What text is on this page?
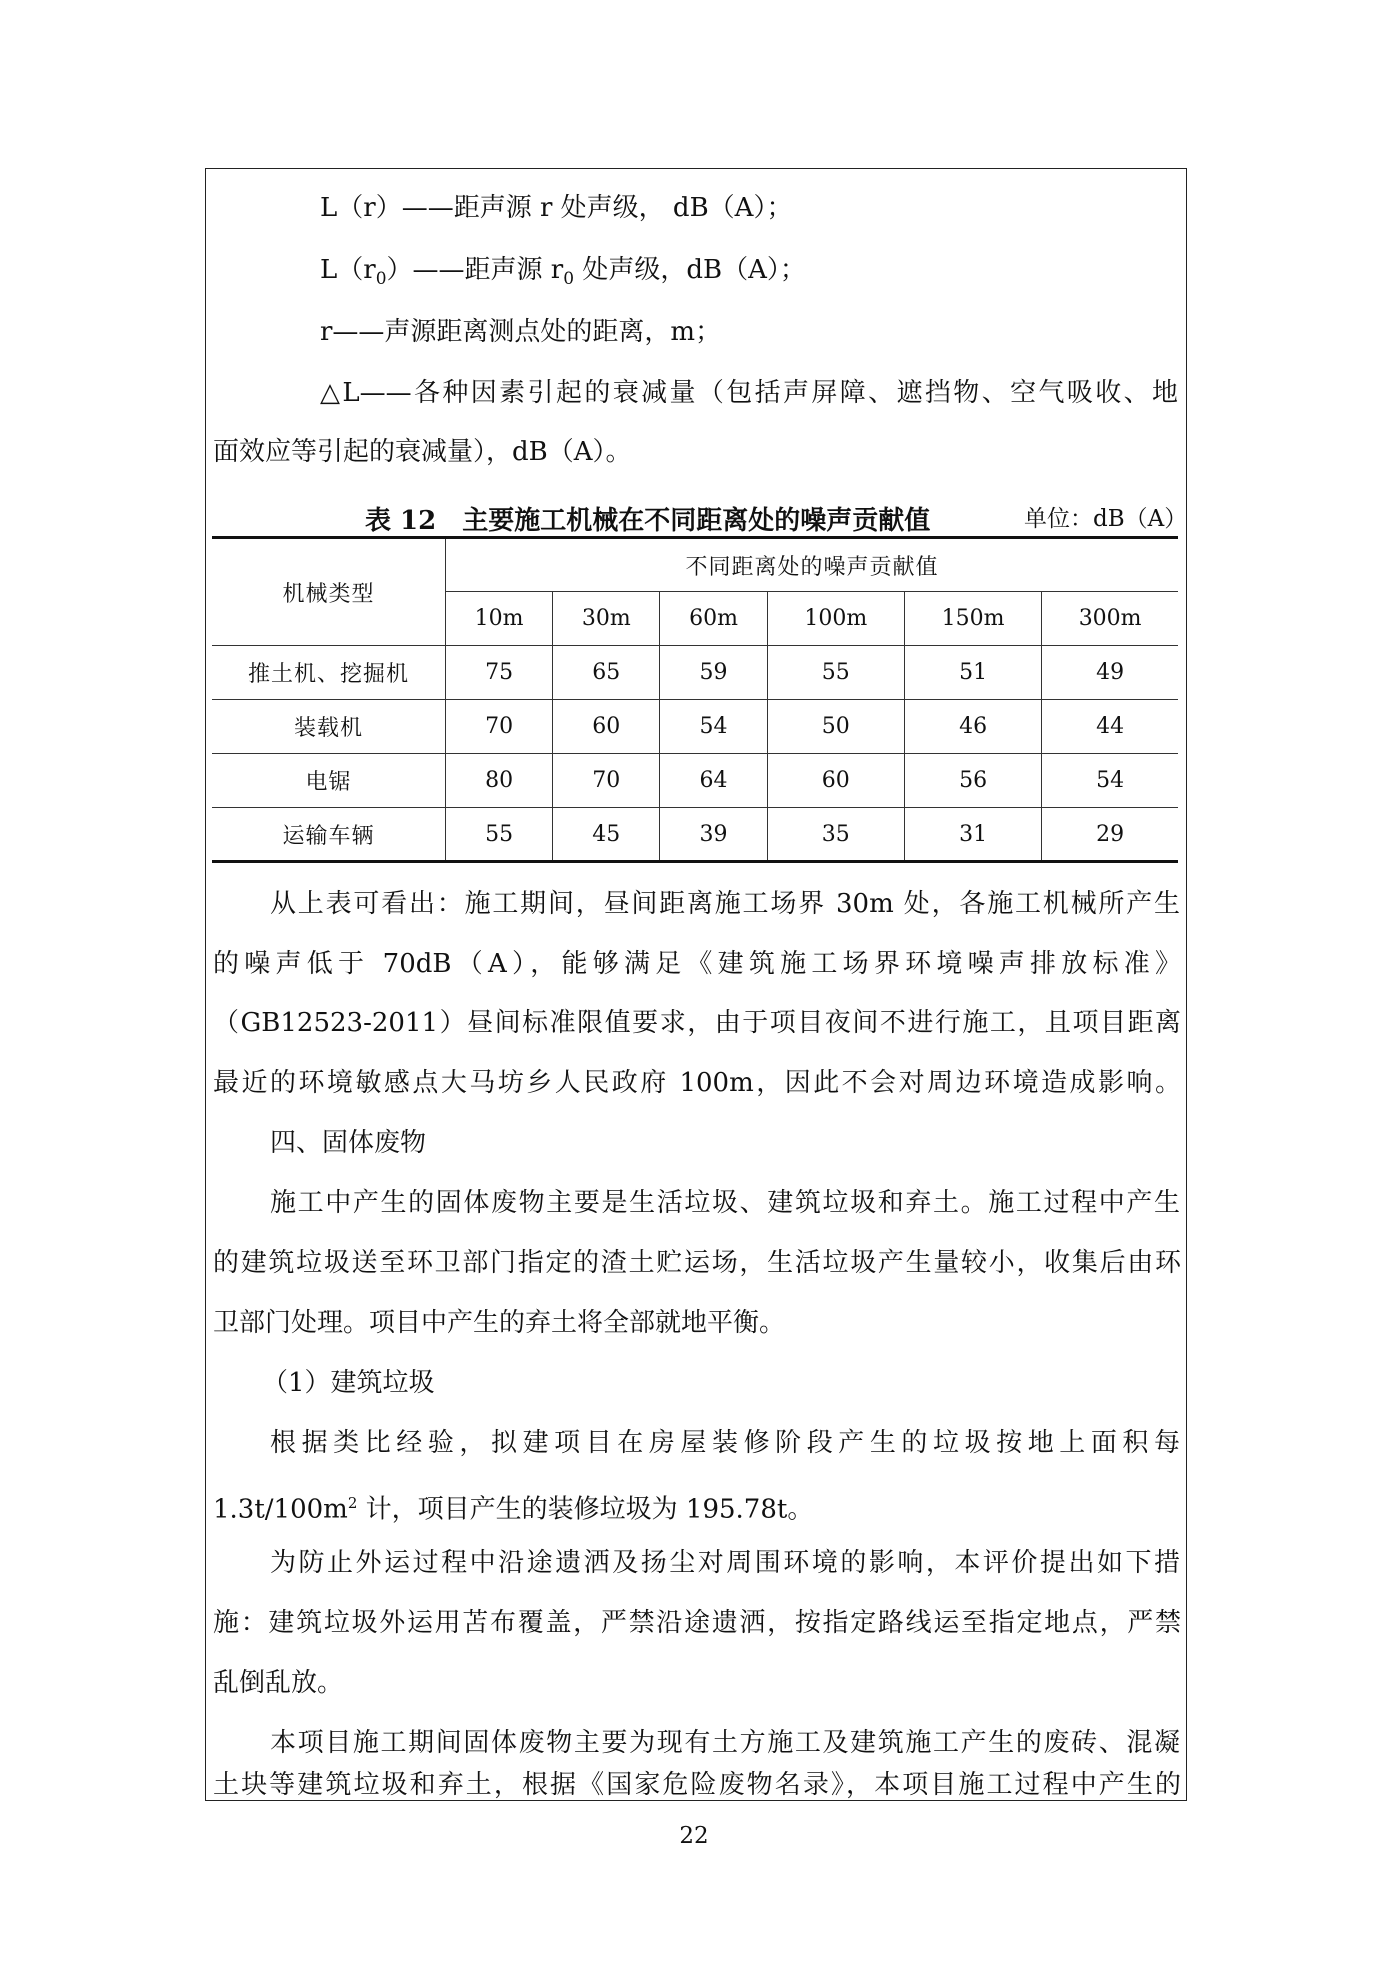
L（r）——距声源 r 处声级， dB（A）；
$L(r_0)——$距声源 $r_0$ 处声级，dB（A）；
r——声源距离测点处的距离，m；
△L——各种因素引起的衰减量（包括声屏障、遮挡物、空气吸收、地
面效应等引起的衰减量），dB（A）。
表 12　主要施工机械在不同距离处的噪声贡献值	单位：dB（A）
机械类型	不同距离处的噪声贡献值					
	10m	30m	60m	100m	150m	300m
推土机、挖掘机	75	65	59	55	51	49
装载机	70	60	54	50	46	44
电锯	80	70	64	60	56	54
运输车辆	55	45	39	35	31	29
从上表可看出：施工期间，昼间距离施工场界 30m 处，各施工机械所产生
的噪声低于 70dB（A），能够满足《建筑施工场界环境噪声排放标准》
（GB12523-2011）昼间标准限值要求，由于项目夜间不进行施工，且项目距离
最近的环境敏感点大马坊乡人民政府 100m，因此不会对周边环境造成影响。
四、固体废物
施工中产生的固体废物主要是生活垃圾、建筑垃圾和弃土。施工过程中产生
的建筑垃圾送至环卫部门指定的渣土贮运场，生活垃圾产生量较小，收集后由环
卫部门处理。项目中产生的弃土将全部就地平衡。
（1）建筑垃圾
根据类比经验，拟建项目在房屋装修阶段产生的垃圾按地上面积每
$1.3t/100m^2$ 计，项目产生的装修垃圾为 195.78t。
为防止外运过程中沿途遗洒及扬尘对周围环境的影响，本评价提出如下措
施：建筑垃圾外运用苫布覆盖，严禁沿途遗洒，按指定路线运至指定地点，严禁
乱倒乱放。
本项目施工期间固体废物主要为现有土方施工及建筑施工产生的废砖、混凝
土块等建筑垃圾和弃土，根据《国家危险废物名录》，本项目施工过程中产生的
22
